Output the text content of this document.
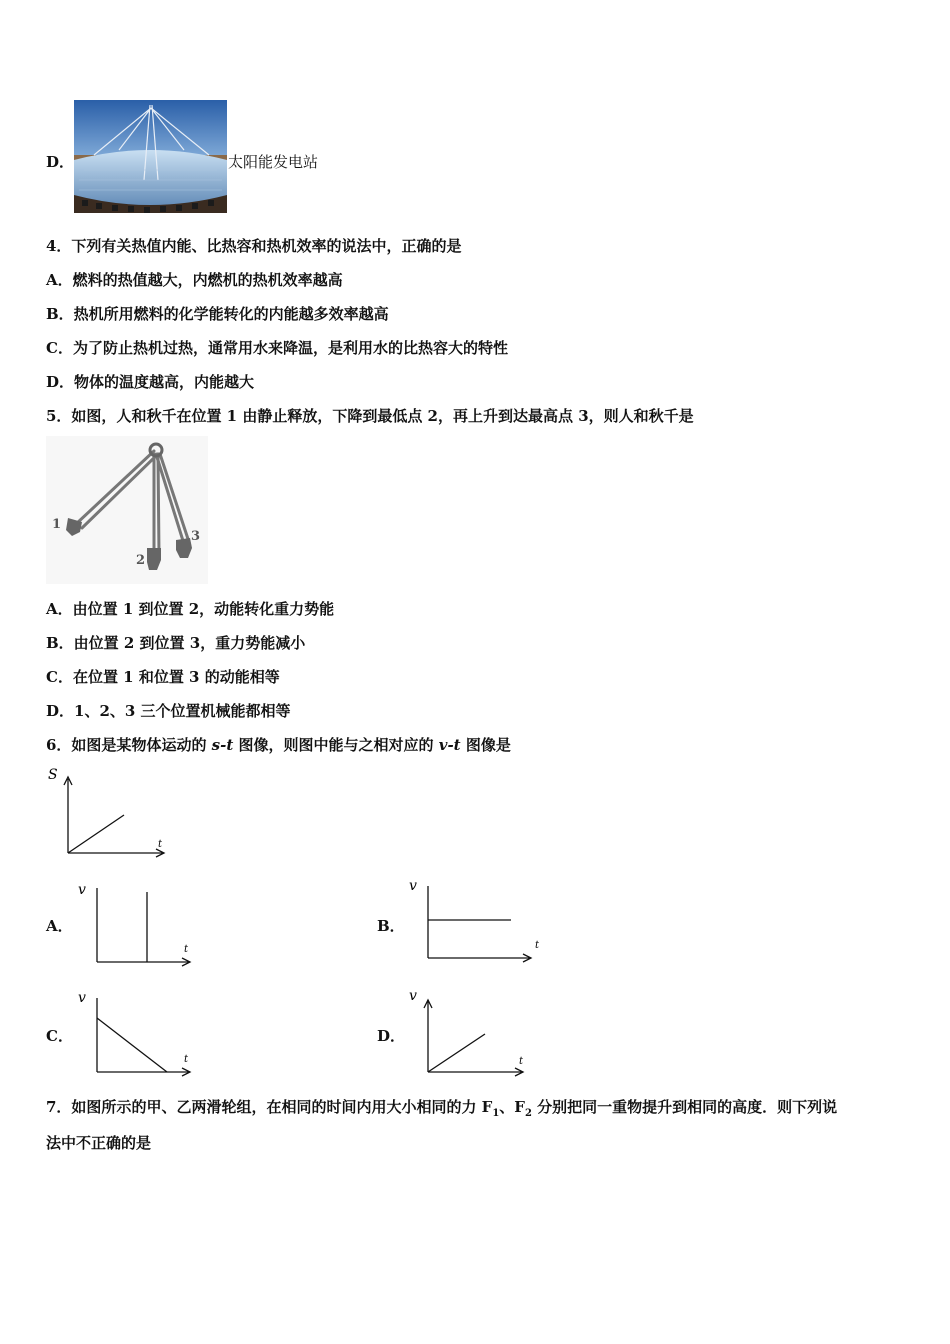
D．	太阳能发电站
4．下列有关热值内能、比热容和热机效率的说法中，正确的是
A．燃料的热值越大，内燃机的热机效率越高
B．热机所用燃料的化学能转化的内能越多效率越高
C．为了防止热机过热，通常用水来降温，是利用水的比热容大的特性
D．物体的温度越高，内能越大
5．如图，人和秋千在位置 1 由静止释放，下降到最低点 2，再上升到达最高点 3，则人和秋千是
1
2
3
A．由位置 1 到位置 2，动能转化重力势能
B．由位置 2 到位置 3，重力势能减小
C．在位置 1 和位置 3 的动能相等
D．1、2、3 三个位置机械能都相等
6．如图是某物体运动的 s-t 图像，则图中能与之相对应的 v-t 图像是
S
t
A．
v
t
B．
v
t
C．
v
t
D．
v
t
7．如图所示的甲、乙两滑轮组，在相同的时间内用大小相同的力 $F_1$、$F_2$ 分别把同一重物提升到相同的高度．则下列说
法中不正确的是
